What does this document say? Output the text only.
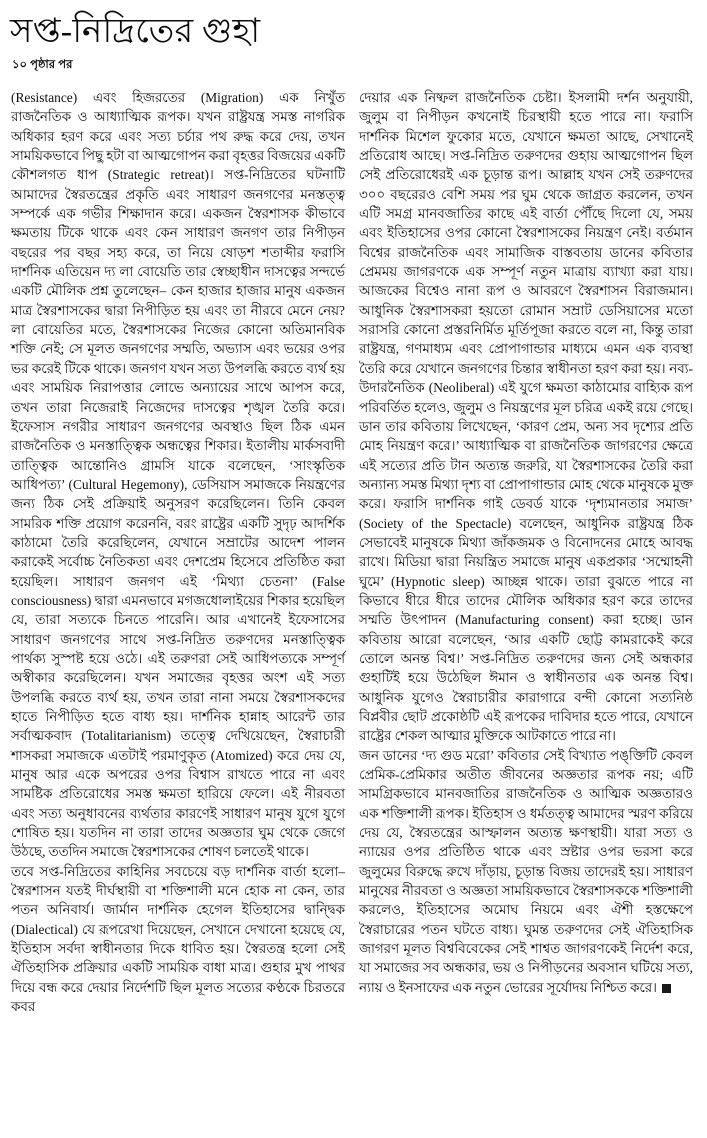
সপ্ত-নিদ্রিতের গুহা
১০ পৃষ্ঠার পর

(Resistance) এবং হিজরতের (Migration) এক নিখুঁত রাজনৈতিক ও আধ্যাত্মিক রূপক। যখন রাষ্ট্রযন্ত্র সমস্ত নাগরিক অধিকার হরণ করে এবং সত্য চর্চার পথ রুদ্ধ করে দেয়, তখন সাময়িকভাবে পিছু হটা বা আত্মগোপন করা বৃহত্তর বিজয়ের একটি কৌশলগত ধাপ (Strategic retreat)। সপ্ত-নিদ্রিতের ঘটনাটি আমাদের স্বৈরতন্ত্রের প্রকৃতি এবং সাধারণ জনগণের মনস্তত্ত্ব সম্পর্কে এক গভীর শিক্ষাদান করে। একজন স্বৈরশাসক কীভাবে ক্ষমতায় টিকে থাকে এবং কেন সাধারণ জনগণ তার নিপীড়ন বছরের পর বছর সহ্য করে, তা নিয়ে ষোড়শ শতাব্দীর ফরাসি দার্শনিক এতিয়েন দ্য লা বোয়েতি তার স্বেচ্ছাধীন দাসত্বের সন্দর্ভে একটি মৌলিক প্রশ্ন তুলেছেন– কেন হাজার হাজার মানুষ একজন মাত্র স্বৈরশাসকের দ্বারা নিপীড়িত হয় এবং তা নীরবে মেনে নেয়? লা বোয়েতির মতে, স্বৈরশাসকের নিজের কোনো অতিমানবিক শক্তি নেই; সে মূলত জনগণের সম্মতি, অভ্যাস এবং ভয়ের ওপর ভর করেই টিকে থাকে। জনগণ যখন সত্য উপলব্ধি করতে ব্যর্থ হয় এবং সাময়িক নিরাপত্তার লোভে অন্যায়ের সাথে আপস করে, তখন তারা নিজেরাই নিজেদের দাসত্বের শৃঙ্খল তৈরি করে। ইফেসাস নগরীর সাধারণ জনগণের অবস্থাও ছিল ঠিক এমন রাজনৈতিক ও মনস্তাত্ত্বিক অন্ধত্বের শিকার। ইতালীয় মার্কসবাদী তাত্ত্বিক আন্তোনিও গ্রামসি যাকে বলেছেন, ‘সাংস্কৃতিক আধিপত্য’ (Cultural Hegemony), ডেসিয়াস সমাজকে নিয়ন্ত্রণের জন্য ঠিক সেই প্রক্রিয়াই অনুসরণ করেছিলেন। তিনি কেবল সামরিক শক্তি প্রয়োগ করেননি, বরং রাষ্ট্রের একটি সুদৃঢ় আদর্শিক কাঠামো তৈরি করেছিলেন, যেখানে সম্রাটের আদেশ পালন করাকেই সর্বোচ্চ নৈতিকতা এবং দেশপ্রেম হিসেবে প্রতিষ্ঠিত করা হয়েছিল। সাধারণ জনগণ এই ‘মিথ্যা চেতনা’ (False consciousness) দ্বারা এমনভাবে মগজধোলাইয়ের শিকার হয়েছিল যে, তারা সত্যকে চিনতে পারেনি। আর এখানেই ইফেসাসের সাধারণ জনগণের সাথে সপ্ত-নিদ্রিত তরুণদের মনস্তাত্ত্বিক পার্থক্য সুস্পষ্ট হয়ে ওঠে। এই তরুণরা সেই আধিপত্যকে সম্পূর্ণ অস্বীকার করেছিলেন। যখন সমাজের বৃহত্তর অংশ এই সত্য উপলব্ধি করতে ব্যর্থ হয়, তখন তারা নানা সময়ে স্বৈরশাসকদের হাতে নিপীড়িত হতে বাধ্য হয়। দার্শনিক হান্নাহ আরেন্ট তার সর্বাত্মকবাদ (Totalitarianism) তত্ত্বে দেখিয়েছেন, স্বৈরাচারী শাসকরা সমাজকে এতটাই পরমাণুকৃত (Atomized) করে দেয় যে, মানুষ আর একে অপরের ওপর বিশ্বাস রাখতে পারে না এবং সামষ্টিক প্রতিরোধের সমস্ত ক্ষমতা হারিয়ে ফেলে। এই নীরবতা এবং সত্য অনুধাবনের ব্যর্থতার কারণেই সাধারণ মানুষ যুগে যুগে শোষিত হয়। যতদিন না তারা তাদের অজ্ঞতার ঘুম থেকে জেগে উঠছে, ততদিন সমাজে স্বৈরশাসকের শোষণ চলতেই থাকে।

তবে সপ্ত-নিদ্রিতের কাহিনির সবচেয়ে বড় দার্শনিক বার্তা হলো– স্বৈরশাসন যতই দীর্ঘস্থায়ী বা শক্তিশালী মনে হোক না কেন, তার পতন অনিবার্য। জার্মান দার্শনিক হেগেল ইতিহাসের দ্বান্দ্বিক (Dialectical) যে রূপরেখা দিয়েছেন, সেখানে দেখানো হয়েছে যে, ইতিহাস সর্বদা স্বাধীনতার দিকে ধাবিত হয়। স্বৈরতন্ত্র হলো সেই ঐতিহাসিক প্রক্রিয়ার একটি সাময়িক বাধা মাত্র। গুহার মুখ পাথর দিয়ে বন্ধ করে দেয়ার নির্দেশটি ছিল মূলত সত্যের কণ্ঠকে চিরতরে কবর

দেয়ার এক নিষ্ফল রাজনৈতিক চেষ্টা। ইসলামী দর্শন অনুযায়ী, জুলুম বা নিপীড়ন কখনোই চিরস্থায়ী হতে পারে না। ফরাসি দার্শনিক মিশেল ফুকোর মতে, যেখানে ক্ষমতা আছে, সেখানেই প্রতিরোধ আছে। সপ্ত-নিদ্রিত তরুণদের গুহায় আত্মগোপন ছিল সেই প্রতিরোধেরই এক চূড়ান্ত রূপ। আল্লাহ যখন সেই তরুণদের ৩০০ বছরেরও বেশি সময় পর ঘুম থেকে জাগ্রত করলেন, তখন এটি সমগ্র মানবজাতির কাছে এই বার্তা পৌঁছে দিলো যে, সময় এবং ইতিহাসের ওপর কোনো স্বৈরশাসকের নিয়ন্ত্রণ নেই। বর্তমান বিশ্বের রাজনৈতিক এবং সামাজিক বাস্তবতায় ডানের কবিতার প্রেমময় জাগরণকে এক সম্পূর্ণ নতুন মাত্রায় ব্যাখ্যা করা যায়। আজকের বিশ্বেও নানা রূপ ও আবরণে স্বৈরশাসন বিরাজমান। আধুনিক স্বৈরশাসকরা হয়তো রোমান সম্রাট ডেসিয়াসের মতো সরাসরি কোনো প্রস্তরনির্মিত মূর্তিপূজা করতে বলে না, কিন্তু তারা রাষ্ট্রযন্ত্র, গণমাধ্যম এবং প্রোপাগান্ডার মাধ্যমে এমন এক ব্যবস্থা তৈরি করে যেখানে জনগণের চিন্তার স্বাধীনতা হরণ করা হয়। নব্য-উদারনৈতিক (Neoliberal) এই যুগে ক্ষমতা কাঠামোর বাহ্যিক রূপ পরিবর্তিত হলেও, জুলুম ও নিয়ন্ত্রণের মূল চরিত্র একই রয়ে গেছে। ডান তার কবিতায় লিখেছেন, ‘কারণ প্রেম, অন্য সব দৃশ্যের প্রতি মোহ নিয়ন্ত্রণ করে।’ আধ্যাত্মিক বা রাজনৈতিক জাগরণের ক্ষেত্রে এই সত্যের প্রতি টান অত্যন্ত জরুরি, যা স্বৈরশাসকের তৈরি করা অন্যান্য সমস্ত মিথ্যা দৃশ্য বা প্রোপাগান্ডার মোহ থেকে মানুষকে মুক্ত করে। ফরাসি দার্শনিক গাই ডেবর্ড যাকে ‘দৃশ্যমানতার সমাজ’ (Society of the Spectacle) বলেছেন, আধুনিক রাষ্ট্রযন্ত্র ঠিক সেভাবেই মানুষকে মিথ্যা জাঁকজমক ও বিনোদনের মোহে আবদ্ধ রাখে। মিডিয়া দ্বারা নিয়ন্ত্রিত সমাজে মানুষ একপ্রকার ‘সম্মোহনী ঘুমে’ (Hypnotic sleep) আচ্ছন্ন থাকে। তারা বুঝতে পারে না কিভাবে ধীরে ধীরে তাদের মৌলিক অধিকার হরণ করে তাদের সম্মতি উৎপাদন (Manufacturing consent) করা হচ্ছে। ডান কবিতায় আরো বলেছেন, ‘আর একটি ছোট্ট কামরাকেই করে তোলে অনন্ত বিশ্ব।’ সপ্ত-নিদ্রিত তরুণদের জন্য সেই অন্ধকার গুহাটিই হয়ে উঠেছিল ঈমান ও স্বাধীনতার এক অনন্ত বিশ্ব। আধুনিক যুগেও স্বৈরাচারীর কারাগারে বন্দী কোনো সত্যনিষ্ঠ বিপ্লবীর ছোট প্রকোষ্ঠটি এই রূপকের দাবিদার হতে পারে, যেখানে রাষ্ট্রের শেকল আত্মার মুক্তিকে আটকাতে পারে না।

জন ডানের ‘দ্য গুড মরো’ কবিতার সেই বিখ্যাত পঙ্‌ক্তিটি কেবল প্রেমিক-প্রেমিকার অতীত জীবনের অজ্ঞতার রূপক নয়; এটি সামগ্রিকভাবে মানবজাতির রাজনৈতিক ও আত্মিক অজ্ঞতারও এক শক্তিশালী রূপক। ইতিহাস ও ধর্মতত্ত্ব আমাদের স্মরণ করিয়ে দেয় যে, স্বৈরতন্ত্রের আস্ফালন অত্যন্ত ক্ষণস্থায়ী। যারা সত্য ও ন্যায়ের ওপর প্রতিষ্ঠিত থাকে এবং স্রষ্টার ওপর ভরসা করে জুলুমের বিরুদ্ধে রুখে দাঁড়ায়, চূড়ান্ত বিজয় তাদেরই হয়। সাধারণ মানুষের নীরবতা ও অজ্ঞতা সাময়িকভাবে স্বৈরশাসককে শক্তিশালী করলেও, ইতিহাসের অমোঘ নিয়মে এবং ঐশী হস্তক্ষেপে স্বৈরাচারের পতন ঘটতে বাধ্য। ঘুমন্ত তরুণদের সেই ঐতিহাসিক জাগরণ মূলত বিশ্ববিবেকের সেই শাশ্বত জাগরণকেই নির্দেশ করে, যা সমাজের সব অন্ধকার, ভয় ও নিপীড়নের অবসান ঘটিয়ে সত্য, ন্যায় ও ইনসাফের এক নতুন ভোরের সূর্যোদয় নিশ্চিত করে।
